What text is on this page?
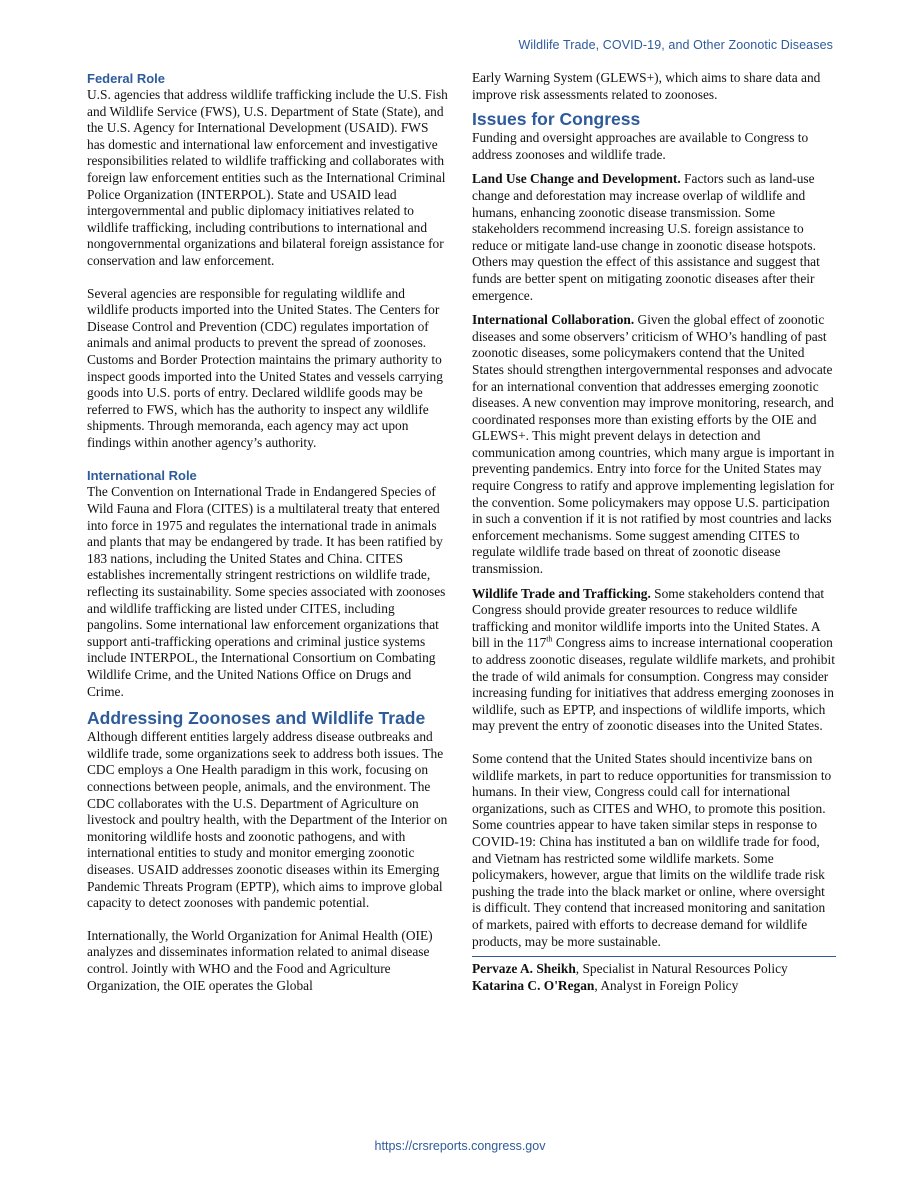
Wildlife Trade, COVID-19, and Other Zoonotic Diseases

Federal Role

U.S. agencies that address wildlife trafficking include the U.S. Fish and Wildlife Service (FWS), U.S. Department of State (State), and the U.S. Agency for International Development (USAID). FWS has domestic and international law enforcement and investigative responsibilities related to wildlife trafficking and collaborates with foreign law enforcement entities such as the International Criminal Police Organization (INTERPOL). State and USAID lead intergovernmental and public diplomacy initiatives related to wildlife trafficking, including contributions to international and nongovernmental organizations and bilateral foreign assistance for conservation and law enforcement.

Several agencies are responsible for regulating wildlife and wildlife products imported into the United States. The Centers for Disease Control and Prevention (CDC) regulates importation of animals and animal products to prevent the spread of zoonoses. Customs and Border Protection maintains the primary authority to inspect goods imported into the United States and vessels carrying goods into U.S. ports of entry. Declared wildlife goods may be referred to FWS, which has the authority to inspect any wildlife shipments. Through memoranda, each agency may act upon findings within another agency’s authority.

International Role

The Convention on International Trade in Endangered Species of Wild Fauna and Flora (CITES) is a multilateral treaty that entered into force in 1975 and regulates the international trade in animals and plants that may be endangered by trade. It has been ratified by 183 nations, including the United States and China. CITES establishes incrementally stringent restrictions on wildlife trade, reflecting its sustainability. Some species associated with zoonoses and wildlife trafficking are listed under CITES, including pangolins. Some international law enforcement organizations that support anti-trafficking operations and criminal justice systems include INTERPOL, the International Consortium on Combating Wildlife Crime, and the United Nations Office on Drugs and Crime.

Addressing Zoonoses and Wildlife Trade

Although different entities largely address disease outbreaks and wildlife trade, some organizations seek to address both issues. The CDC employs a One Health paradigm in this work, focusing on connections between people, animals, and the environment. The CDC collaborates with the U.S. Department of Agriculture on livestock and poultry health, with the Department of the Interior on monitoring wildlife hosts and zoonotic pathogens, and with international entities to study and monitor emerging zoonotic diseases. USAID addresses zoonotic diseases within its Emerging Pandemic Threats Program (EPTP), which aims to improve global capacity to detect zoonoses with pandemic potential.

Internationally, the World Organization for Animal Health (OIE) analyzes and disseminates information related to animal disease control. Jointly with WHO and the Food and Agriculture Organization, the OIE operates the Global

Early Warning System (GLEWS+), which aims to share data and improve risk assessments related to zoonoses.

Issues for Congress

Funding and oversight approaches are available to Congress to address zoonoses and wildlife trade.

Land Use Change and Development. Factors such as land-use change and deforestation may increase overlap of wildlife and humans, enhancing zoonotic disease transmission. Some stakeholders recommend increasing U.S. foreign assistance to reduce or mitigate land-use change in zoonotic disease hotspots. Others may question the effect of this assistance and suggest that funds are better spent on mitigating zoonotic diseases after their emergence.

International Collaboration. Given the global effect of zoonotic diseases and some observers’ criticism of WHO’s handling of past zoonotic diseases, some policymakers contend that the United States should strengthen intergovernmental responses and advocate for an international convention that addresses emerging zoonotic diseases. A new convention may improve monitoring, research, and coordinated responses more than existing efforts by the OIE and GLEWS+. This might prevent delays in detection and communication among countries, which many argue is important in preventing pandemics. Entry into force for the United States may require Congress to ratify and approve implementing legislation for the convention. Some policymakers may oppose U.S. participation in such a convention if it is not ratified by most countries and lacks enforcement mechanisms. Some suggest amending CITES to regulate wildlife trade based on threat of zoonotic disease transmission.

Wildlife Trade and Trafficking. Some stakeholders contend that Congress should provide greater resources to reduce wildlife trafficking and monitor wildlife imports into the United States. A bill in the 117th Congress aims to increase international cooperation to address zoonotic diseases, regulate wildlife markets, and prohibit the trade of wild animals for consumption. Congress may consider increasing funding for initiatives that address emerging zoonoses in wildlife, such as EPTP, and inspections of wildlife imports, which may prevent the entry of zoonotic diseases into the United States.

Some contend that the United States should incentivize bans on wildlife markets, in part to reduce opportunities for transmission to humans. In their view, Congress could call for international organizations, such as CITES and WHO, to promote this position. Some countries appear to have taken similar steps in response to COVID-19: China has instituted a ban on wildlife trade for food, and Vietnam has restricted some wildlife markets. Some policymakers, however, argue that limits on the wildlife trade risk pushing the trade into the black market or online, where oversight is difficult. They contend that increased monitoring and sanitation of markets, paired with efforts to decrease demand for wildlife products, may be more sustainable.

Pervaze A. Sheikh, Specialist in Natural Resources Policy
Katarina C. O'Regan, Analyst in Foreign Policy
https://crsreports.congress.gov
